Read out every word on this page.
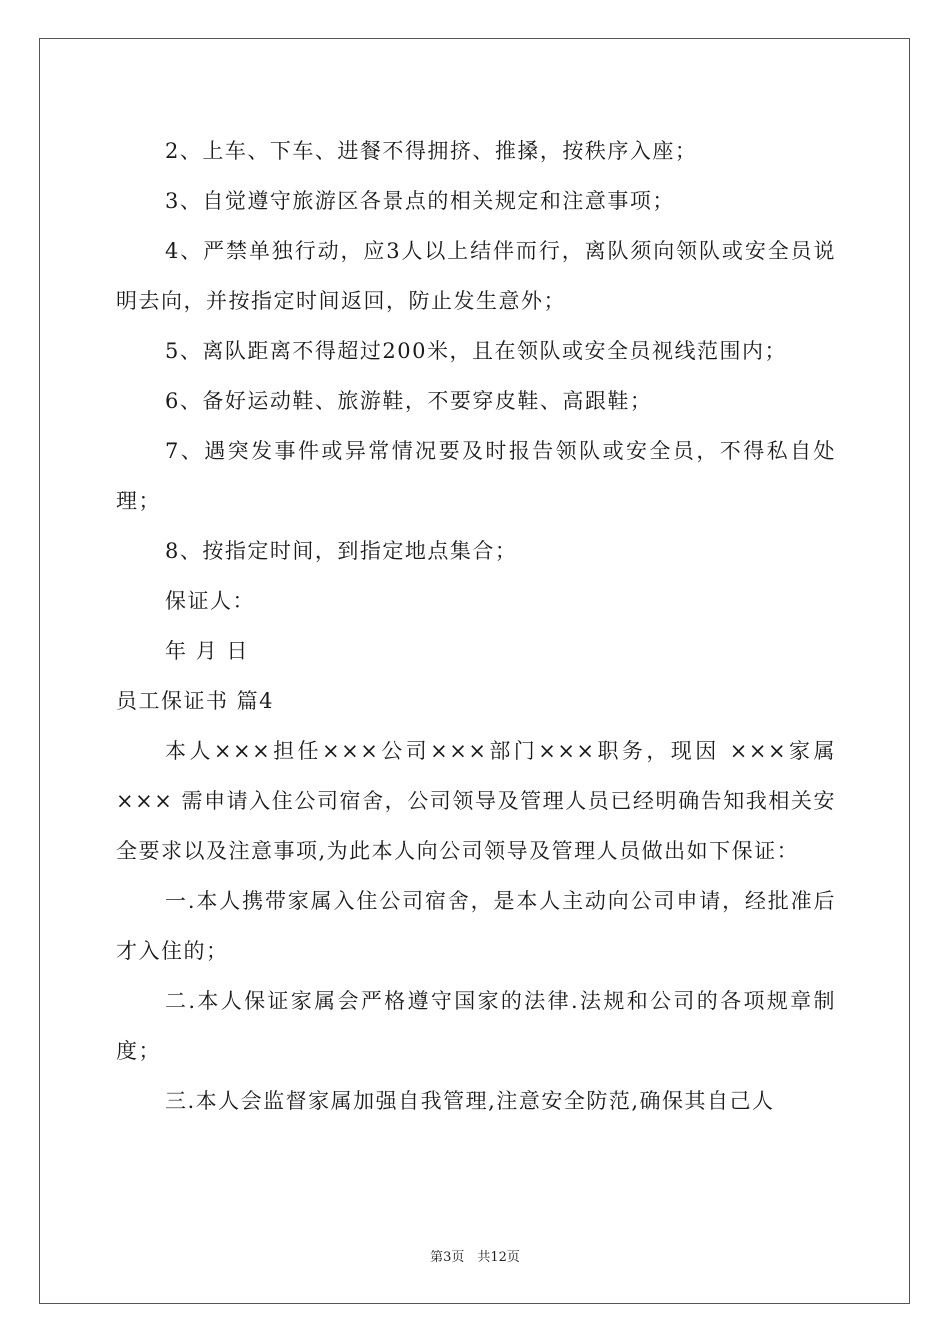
2、上车、下车、进餐不得拥挤、推搡，按秩序入座；

3、自觉遵守旅游区各景点的相关规定和注意事项；

4、严禁单独行动，应3人以上结伴而行，离队须向领队或安全员说明去向，并按指定时间返回，防止发生意外；

5、离队距离不得超过200米，且在领队或安全员视线范围内；

6、备好运动鞋、旅游鞋，不要穿皮鞋、高跟鞋；

7、遇突发事件或异常情况要及时报告领队或安全员，不得私自处理；

8、按指定时间，到指定地点集合；

保证人：

年 月 日

员工保证书 篇4

本人×××担任×××公司×××部门×××职务，现因 ×××家属××× 需申请入住公司宿舍，公司领导及管理人员已经明确告知我相关安全要求以及注意事项,为此本人向公司领导及管理人员做出如下保证：

一.本人携带家属入住公司宿舍，是本人主动向公司申请，经批准后才入住的；

二.本人保证家属会严格遵守国家的法律.法规和公司的各项规章制度；

三.本人会监督家属加强自我管理,注意安全防范,确保其自己人

第3页　共12页
